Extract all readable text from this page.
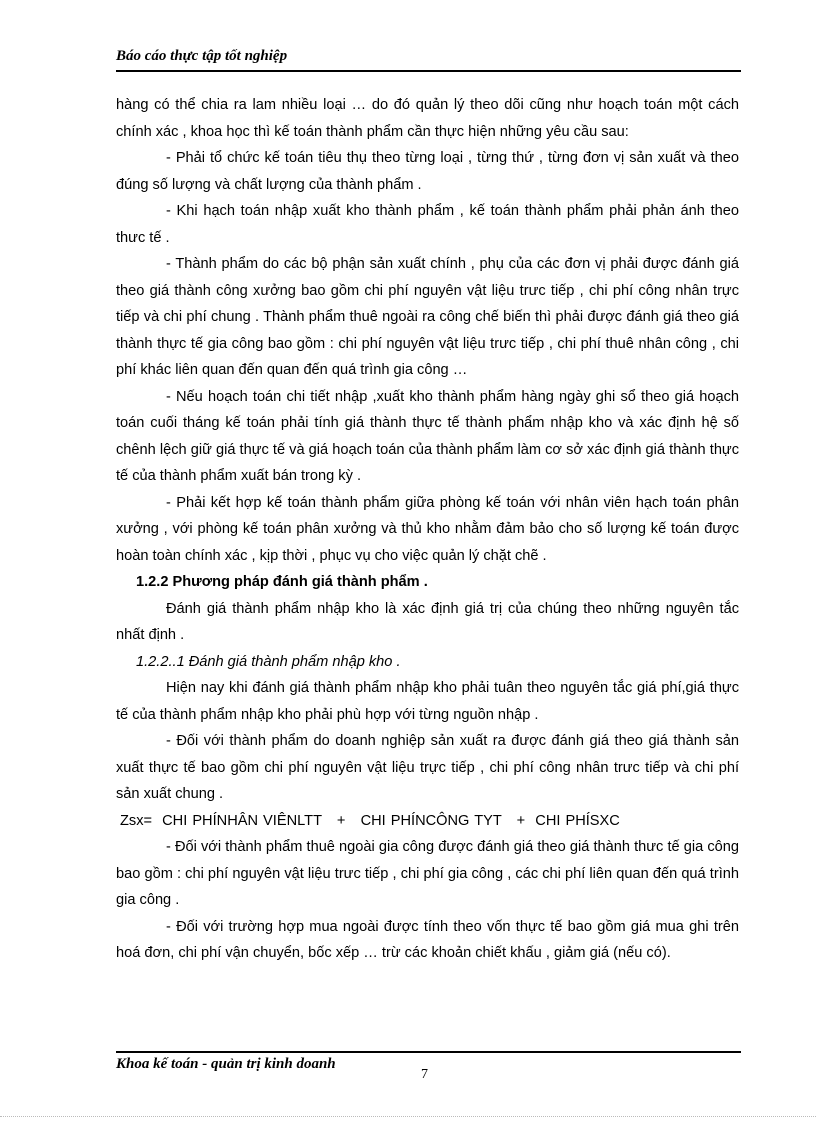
Báo cáo thực tập tốt nghiệp

hàng có thể chia ra lam nhiều loại … do đó quản lý theo dõi cũng như hoạch toán một cách chính xác , khoa học thì kế toán thành phẩm cần thực hiện những yêu cầu sau:

- Phải tổ chức kế toán tiêu thụ theo từng loại , từng thứ , từng đơn vị sản xuất và theo đúng số lượng và chất lượng của thành phẩm .

- Khi hạch toán nhập xuất kho thành phẩm , kế toán thành phẩm phải phản ánh theo thưc tế .

- Thành phẩm do các bộ phận sản xuất chính , phụ của các đơn vị phải được đánh giá theo giá thành công xưởng bao gồm chi phí nguyên vật liệu trưc tiếp , chi phí công nhân trực tiếp và chi phí chung . Thành phẩm thuê ngoài ra công chế biến thì phải được đánh giá theo giá thành thực tế gia công bao gồm : chi phí nguyên vật liệu trưc tiếp , chi phí thuê nhân công , chi phí khác liên quan đến quan đến quá trình gia công …

- Nếu hoạch toán chi tiết nhập ,xuất kho thành phẩm hàng ngày ghi sổ theo giá hoạch toán cuối tháng kế toán phải tính giá thành thực tế thành phẩm nhập kho và xác định hệ số chênh lệch giữ giá thực tế và giá hoạch toán của thành phẩm làm cơ sở xác định giá thành thực tế của thành phẩm xuất bán trong kỳ .

- Phải kết hợp kế toán thành phẩm giữa phòng kế toán với nhân viên hạch toán phân xưởng , với phòng kế toán phân xưởng và thủ kho nhằm đảm bảo cho số lượng kế toán được hoàn toàn chính xác , kịp thời , phục vụ cho việc quản lý chặt chẽ .

1.2.2 Phương pháp đánh giá thành phẩm .

Đánh giá thành phẩm nhập kho là xác định giá trị của chúng theo những nguyên tắc nhất định .

1.2.2..1 Đánh giá thành phẩm nhập kho .

Hiện nay khi đánh giá thành phẩm nhập kho phải tuân theo nguyên tắc giá phí,giá thực tế của thành phẩm nhập kho phải phù hợp với từng nguồn nhập .

- Đối với thành phẩm do doanh nghiệp sản xuất ra được đánh giá theo giá thành sản xuất thực tế bao gồm chi phí nguyên vật liệu trực tiếp , chi phí công nhân trưc tiếp và chi phí sản xuất chung .

Zsx=  CHI PHÍNHÂN VIÊNLTT   +   CHI PHÍNCÔNG TYT   +  CHI PHÍSXC

- Đối với thành phẩm thuê ngoài gia công được đánh giá theo giá thành thưc tế gia công bao gồm : chi phí nguyên vật liệu trưc tiếp , chi phí gia công , các chi phí liên quan đến quá trình gia công .

- Đối với trường hợp mua ngoài được tính theo vốn thực tế bao gồm giá mua ghi trên hoá đơn, chi phí vận chuyển, bốc xếp … trừ các khoản chiết khấu , giảm giá (nếu có).

Khoa kế toán - quản trị kinh doanh
7
